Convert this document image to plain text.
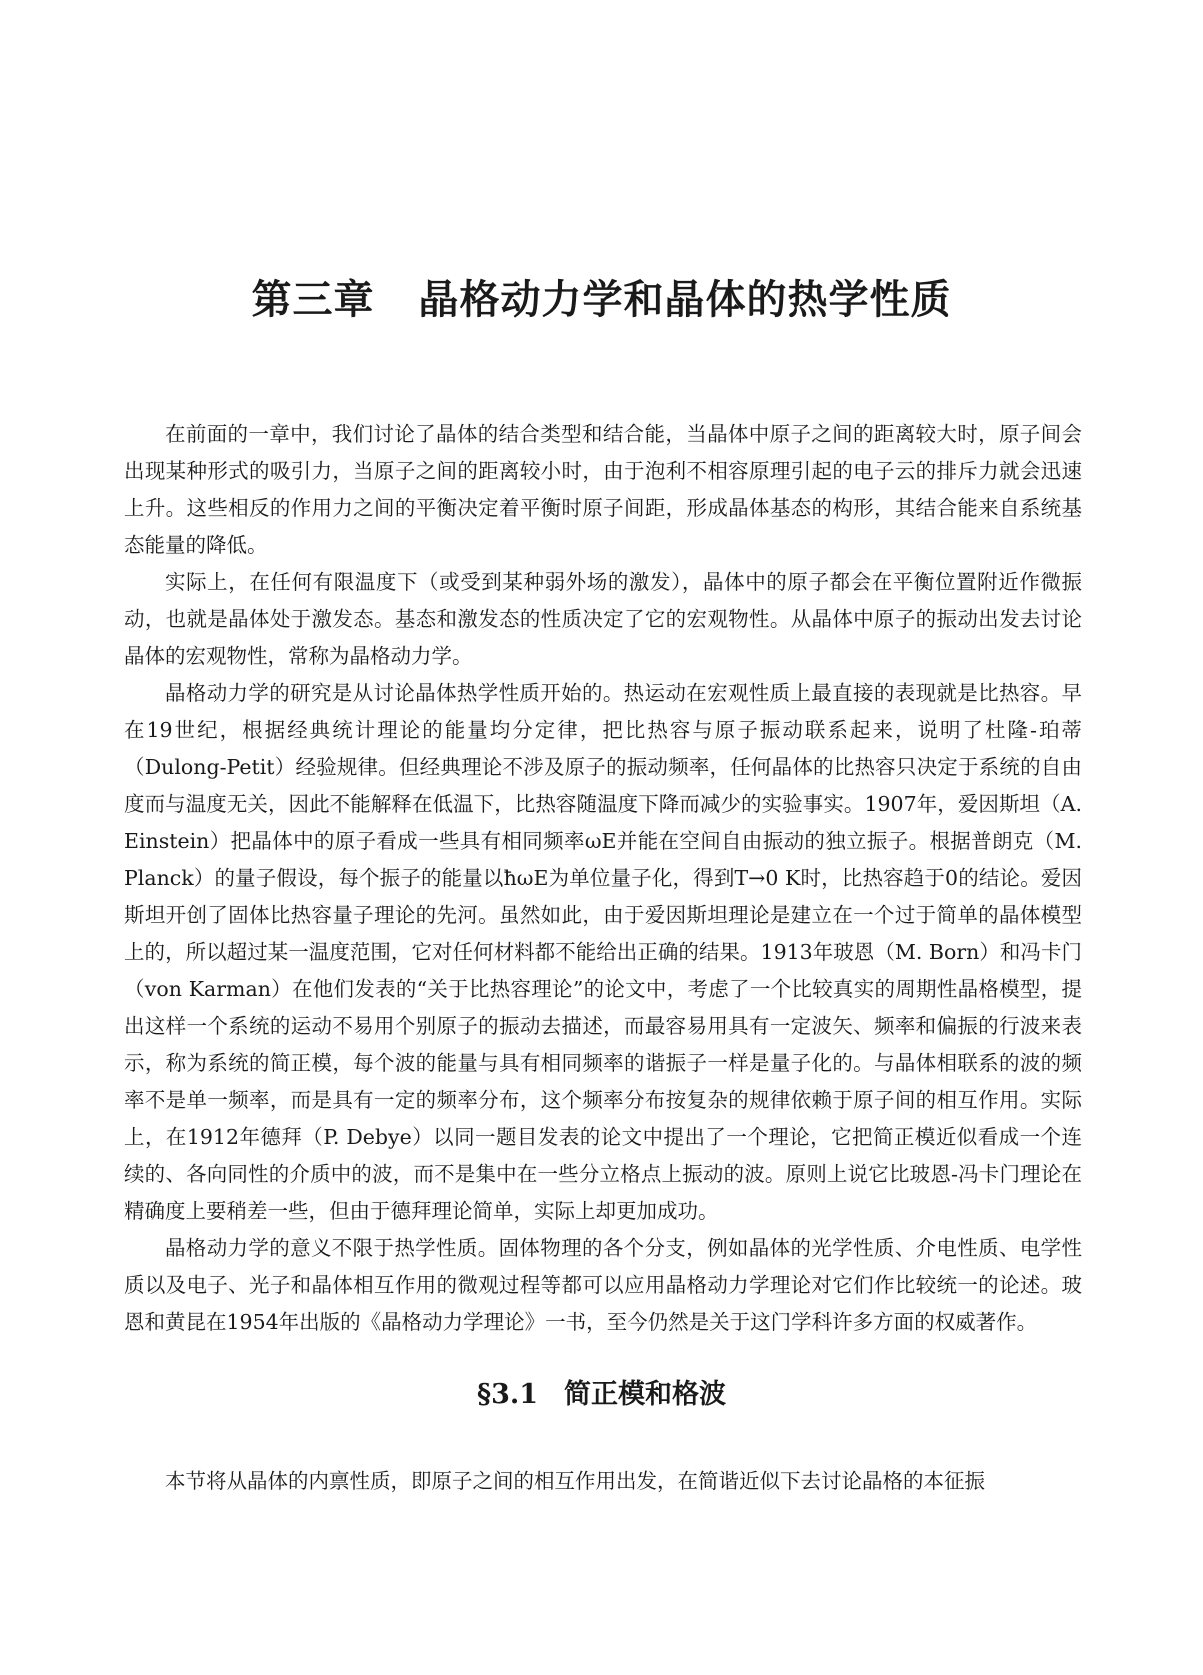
第三章 晶格动力学和晶体的热学性质

在前面的一章中，我们讨论了晶体的结合类型和结合能，当晶体中原子之间的距离较大时，原子间会出现某种形式的吸引力，当原子之间的距离较小时，由于泡利不相容原理引起的电子云的排斥力就会迅速上升。这些相反的作用力之间的平衡决定着平衡时原子间距，形成晶体基态的构形，其结合能来自系统基态能量的降低。

实际上，在任何有限温度下（或受到某种弱外场的激发），晶体中的原子都会在平衡位置附近作微振动，也就是晶体处于激发态。基态和激发态的性质决定了它的宏观物性。从晶体中原子的振动出发去讨论晶体的宏观物性，常称为晶格动力学。

晶格动力学的研究是从讨论晶体热学性质开始的。热运动在宏观性质上最直接的表现就是比热容。早在19世纪，根据经典统计理论的能量均分定律，把比热容与原子振动联系起来，说明了杜隆-珀蒂（Dulong-Petit）经验规律。但经典理论不涉及原子的振动频率，任何晶体的比热容只决定于系统的自由度而与温度无关，因此不能解释在低温下，比热容随温度下降而减少的实验事实。1907年，爱因斯坦（A. Einstein）把晶体中的原子看成一些具有相同频率ωE并能在空间自由振动的独立振子。根据普朗克（M. Planck）的量子假设，每个振子的能量以ħωE为单位量子化，得到T→0 K时，比热容趋于0的结论。爱因斯坦开创了固体比热容量子理论的先河。虽然如此，由于爱因斯坦理论是建立在一个过于简单的晶体模型上的，所以超过某一温度范围，它对任何材料都不能给出正确的结果。1913年玻恩（M. Born）和冯卡门（von Karman）在他们发表的“关于比热容理论”的论文中，考虑了一个比较真实的周期性晶格模型，提出这样一个系统的运动不易用个别原子的振动去描述，而最容易用具有一定波矢、频率和偏振的行波来表示，称为系统的简正模，每个波的能量与具有相同频率的谐振子一样是量子化的。与晶体相联系的波的频率不是单一频率，而是具有一定的频率分布，这个频率分布按复杂的规律依赖于原子间的相互作用。实际上，在1912年德拜（P. Debye）以同一题目发表的论文中提出了一个理论，它把简正模近似看成一个连续的、各向同性的介质中的波，而不是集中在一些分立格点上振动的波。原则上说它比玻恩-冯卡门理论在精确度上要稍差一些，但由于德拜理论简单，实际上却更加成功。

晶格动力学的意义不限于热学性质。固体物理的各个分支，例如晶体的光学性质、介电性质、电学性质以及电子、光子和晶体相互作用的微观过程等都可以应用晶格动力学理论对它们作比较统一的论述。玻恩和黄昆在1954年出版的《晶格动力学理论》一书，至今仍然是关于这门学科许多方面的权威著作。

§3.1 简正模和格波

本节将从晶体的内禀性质，即原子之间的相互作用出发，在简谐近似下去讨论晶格的本征振
